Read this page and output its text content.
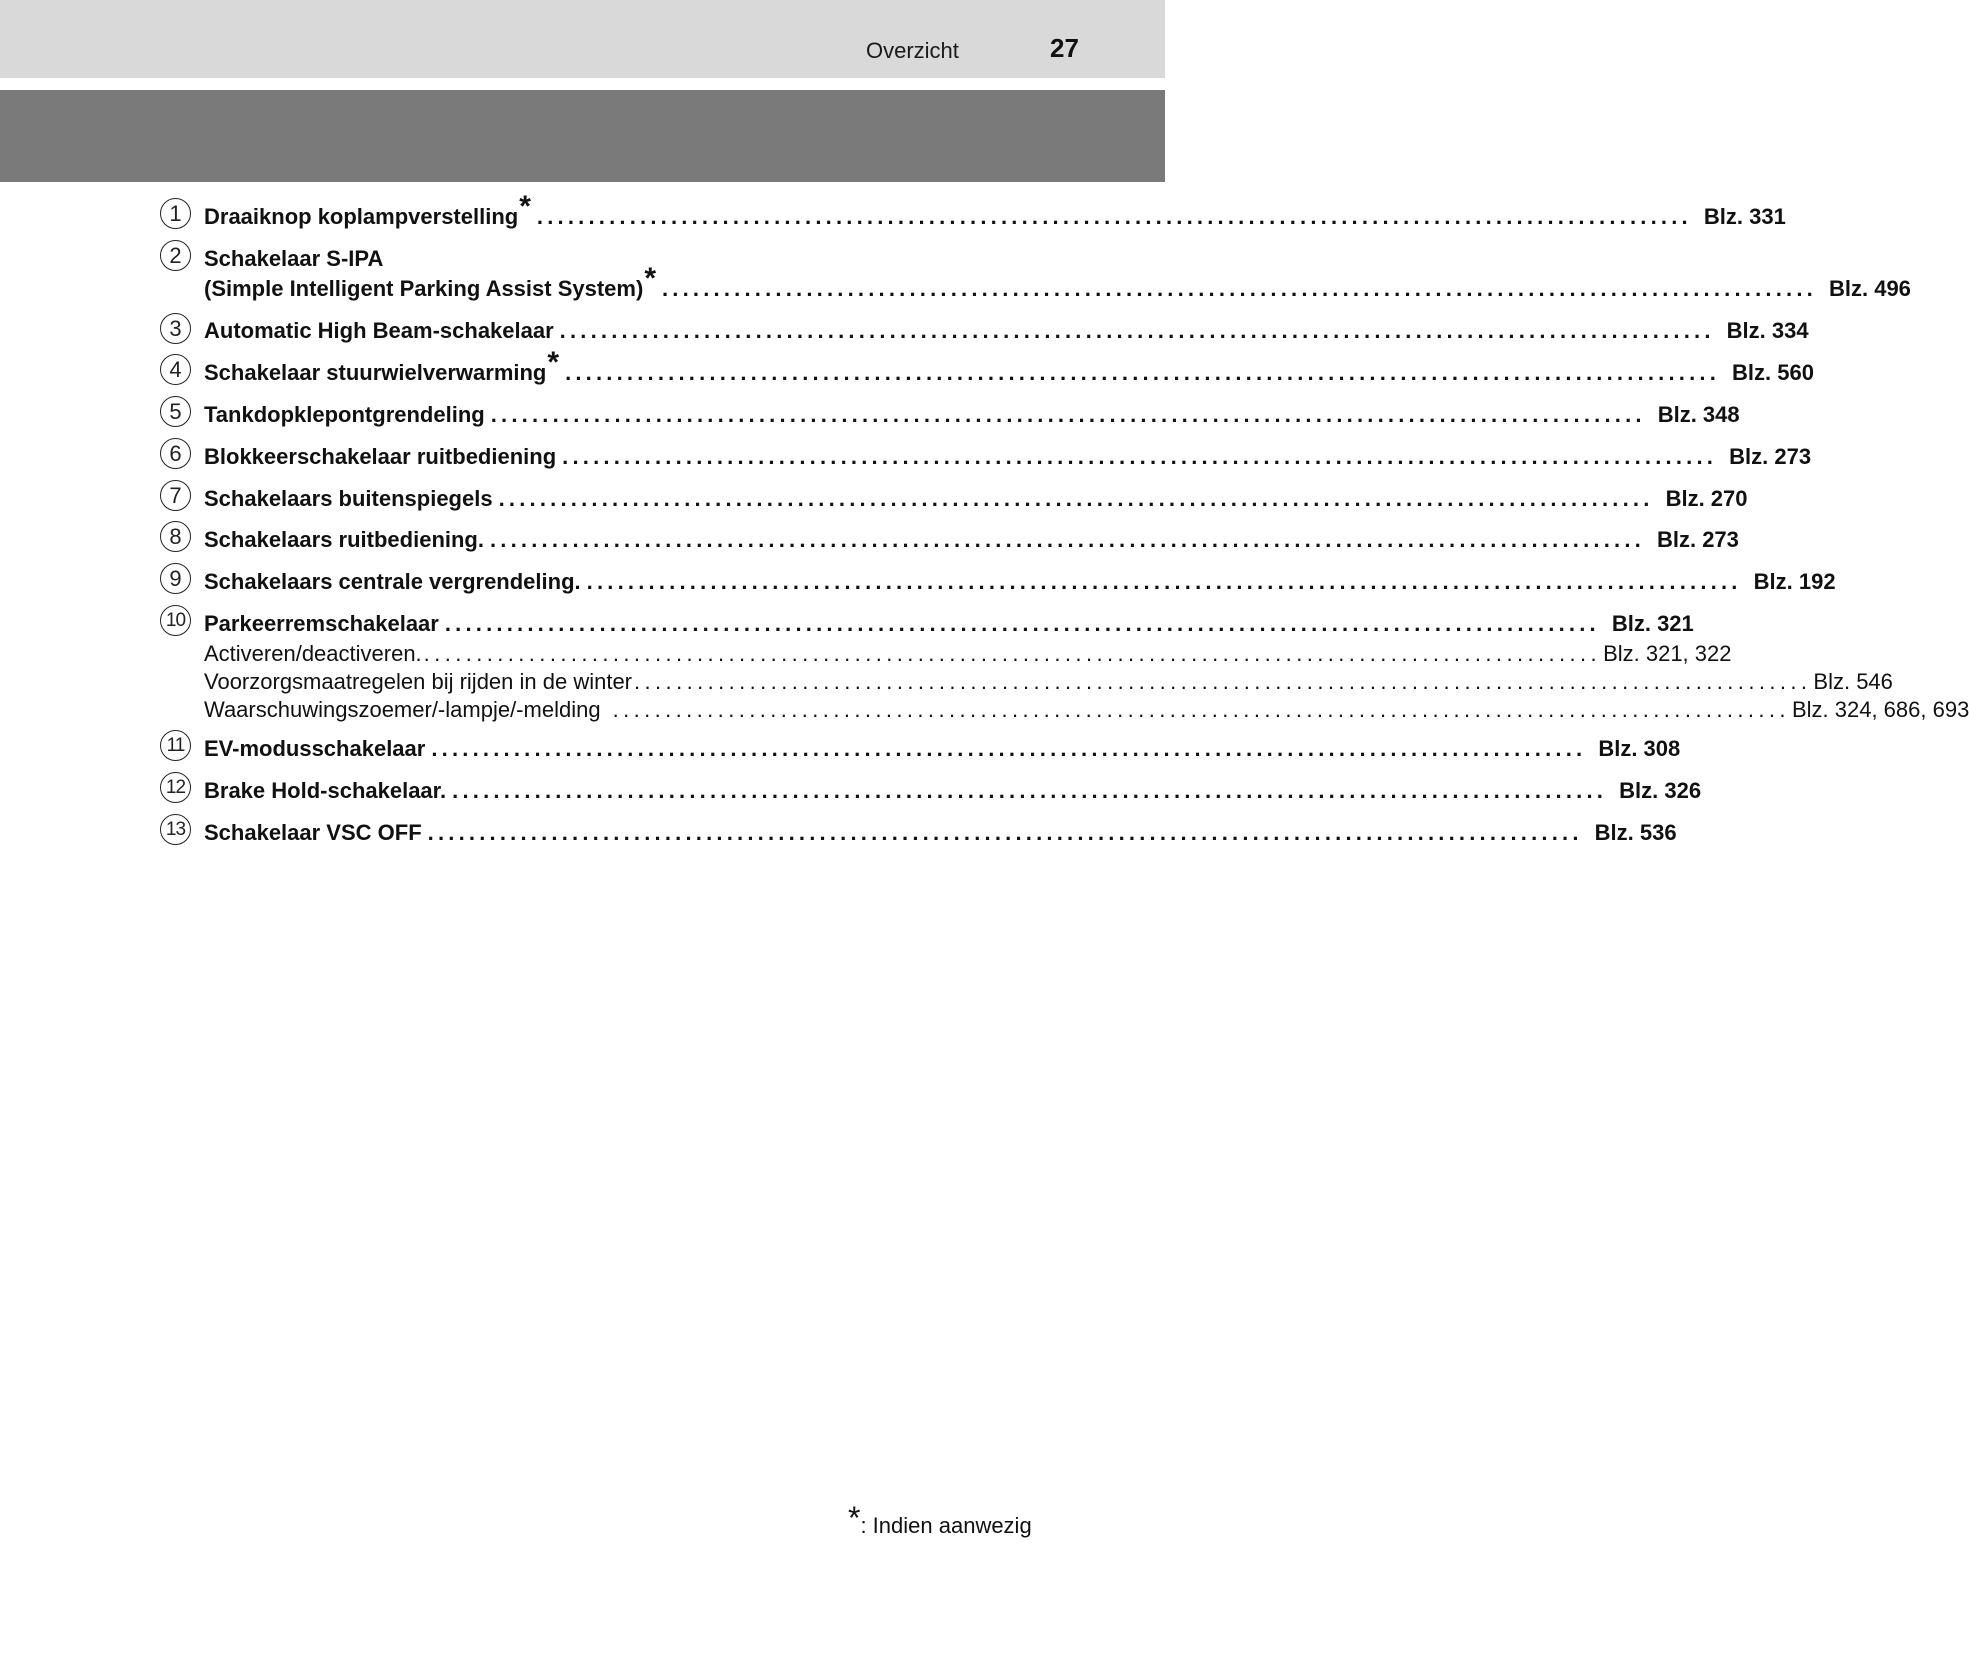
Overzicht	27
1	Draaiknop koplampverstelling * ................................................................................................................ Blz. 331
2	Schakelaar S-IPA
(Simple Intelligent Parking Assist System) * ................................................................................................................ Blz. 496
3	Automatic High Beam-schakelaar ................................................................................................................ Blz. 334
4	Schakelaar stuurwielverwarming * ................................................................................................................ Blz. 560
5	Tankdopklepontgrendeling ................................................................................................................ Blz. 348
6	Blokkeerschakelaar ruitbediening ................................................................................................................ Blz. 273
7	Schakelaars buitenspiegels ................................................................................................................ Blz. 270
8	Schakelaars ruitbediening. ................................................................................................................ Blz. 273
9	Schakelaars centrale vergrendeling. ................................................................................................................ Blz. 192
10 Parkeerremschakelaar ................................................................................................................ Blz. 321
Activeren/deactiveren. ................................................................................................................ Blz. 321, 322
Voorzorgsmaatregelen bij rijden in de winter ................................................................................................................ Blz. 546
Waarschuwingszoemer/-lampje/-melding ................................................................................................................ Blz. 324, 686, 693
11 EV-modusschakelaar ................................................................................................................ Blz. 308
12 Brake Hold-schakelaar. ................................................................................................................ Blz. 326
13 Schakelaar VSC OFF ................................................................................................................ Blz. 536
*: Indien aanwezig
